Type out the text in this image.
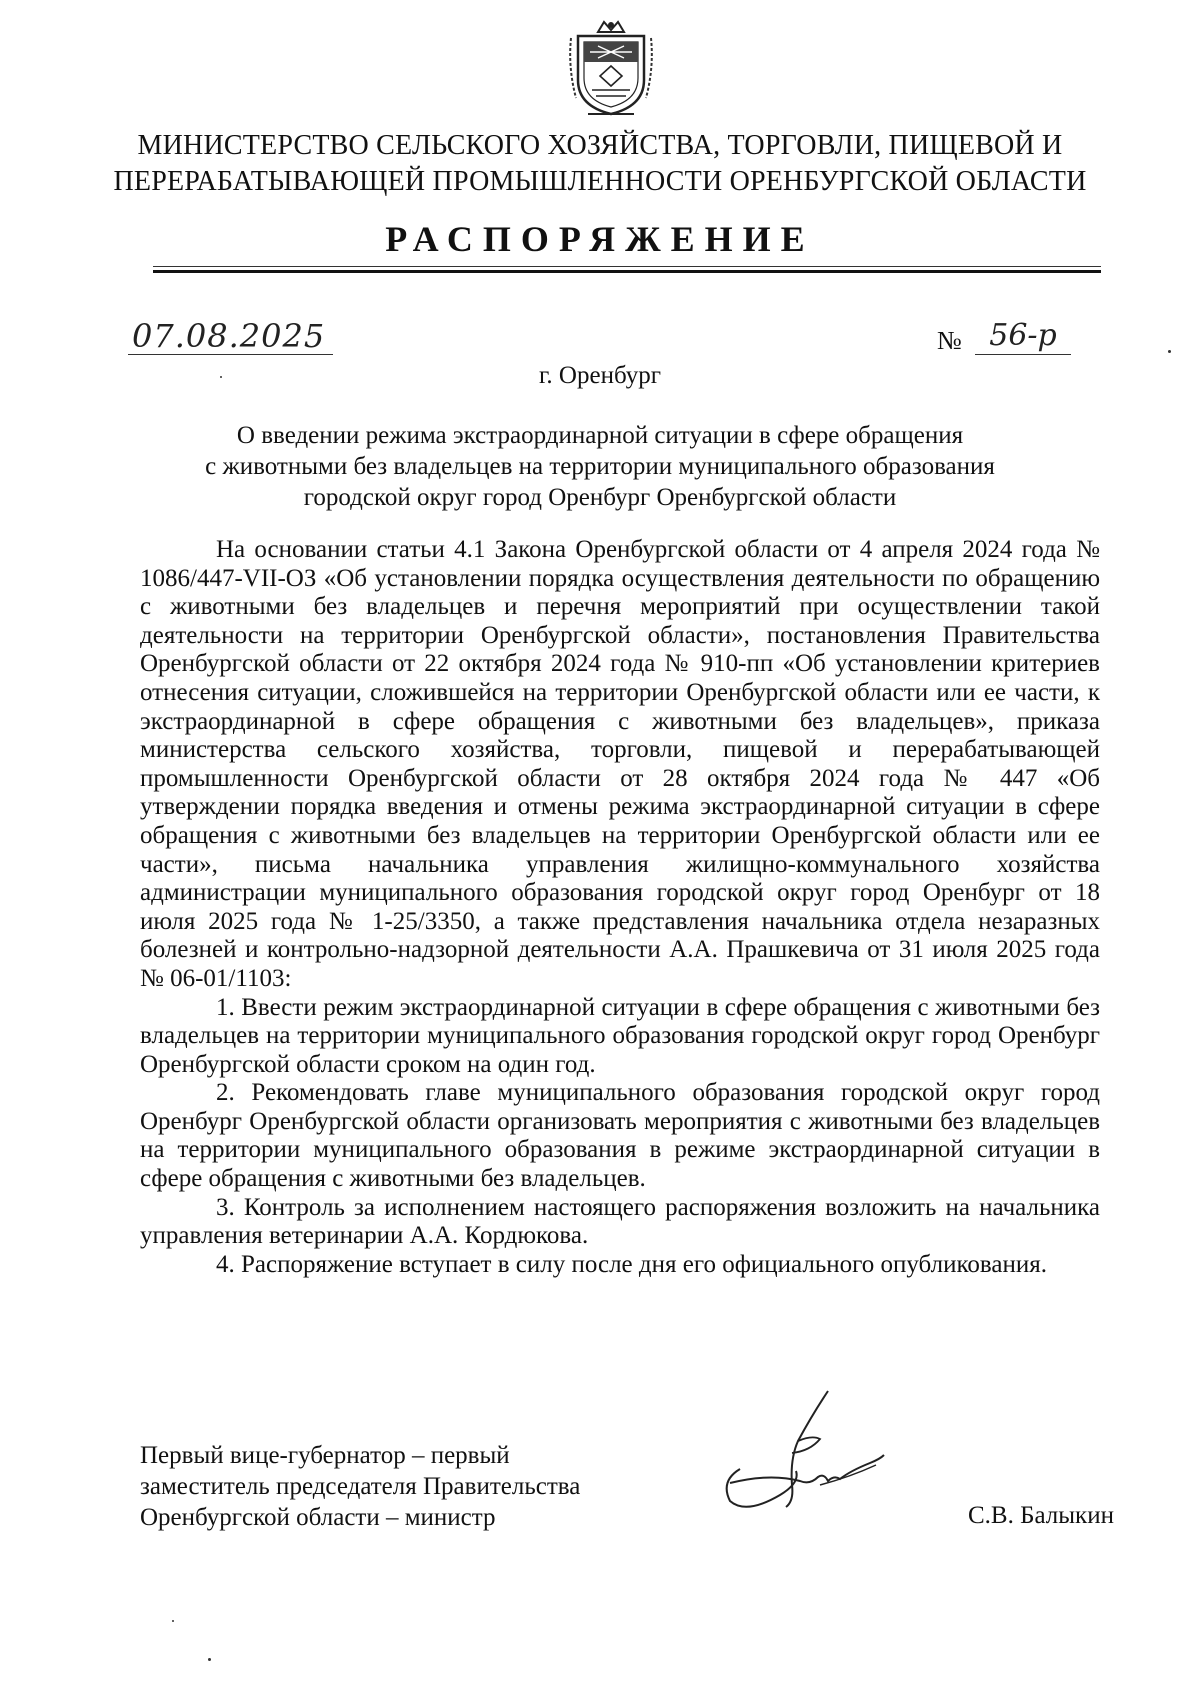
МИНИСТЕРСТВО СЕЛЬСКОГО ХОЗЯЙСТВА, ТОРГОВЛИ, ПИЩЕВОЙ И
ПЕРЕРАБАТЫВАЮЩЕЙ ПРОМЫШЛЕННОСТИ ОРЕНБУРГСКОЙ ОБЛАСТИ
РАСПОРЯЖЕНИЕ
07.08.2025	№ 56-р
г. Оренбург
О введении режима экстраординарной ситуации в сфере обращения
с животными без владельцев на территории муниципального образования
городской округ город Оренбург Оренбургской области

На основании статьи 4.1 Закона Оренбургской области от 4 апреля 2024 года № 1086/447-VII-ОЗ «Об установлении порядка осуществления деятельности по обращению с животными без владельцев и перечня мероприятий при осуществлении такой деятельности на территории Оренбургской области», постановления Правительства Оренбургской области от 22 октября 2024 года № 910-пп «Об установлении критериев отнесения ситуации, сложившейся на территории Оренбургской области или ее части, к экстраординарной в сфере обращения с животными без владельцев», приказа министерства сельского хозяйства, торговли, пищевой и перерабатывающей промышленности Оренбургской области от 28 октября 2024 года № 447 «Об утверждении порядка введения и отмены режима экстраординарной ситуации в сфере обращения с животными без владельцев на территории Оренбургской области или ее части», письма начальника управления жилищно-коммунального хозяйства администрации муниципального образования городской округ город Оренбург от 18 июля 2025 года № 1-25/3350, а также представления начальника отдела незаразных болезней и контрольно-надзорной деятельности А.А. Прашкевича от 31 июля 2025 года № 06-01/1103:

1. Ввести режим экстраординарной ситуации в сфере обращения с животными без владельцев на территории муниципального образования городской округ город Оренбург Оренбургской области сроком на один год.

2. Рекомендовать главе муниципального образования городской округ город Оренбург Оренбургской области организовать мероприятия с животными без владельцев на территории муниципального образования в режиме экстраординарной ситуации в сфере обращения с животными без владельцев.

3. Контроль за исполнением настоящего распоряжения возложить на начальника управления ветеринарии А.А. Кордюкова.

4. Распоряжение вступает в силу после дня его официального опубликования.

Первый вице-губернатор – первый
заместитель председателя Правительства
Оренбургской области – министр	С.В. Балыкин
